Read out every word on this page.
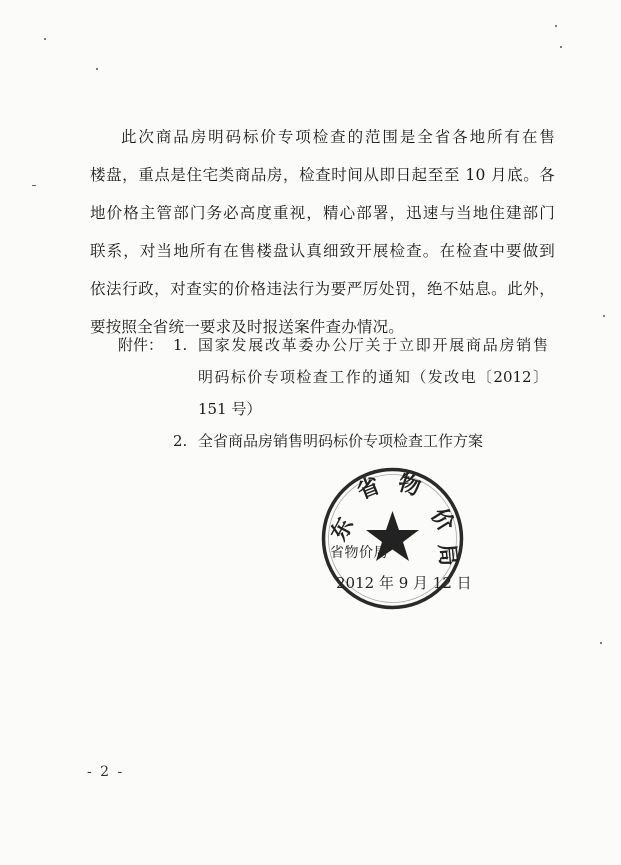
此次商品房明码标价专项检查的范围是全省各地所有在售
楼盘，重点是住宅类商品房，检查时间从即日起至至 10 月底。各
地价格主管部门务必高度重视，精心部署，迅速与当地住建部门
联系，对当地所有在售楼盘认真细致开展检查。在检查中要做到
依法行政，对查实的价格违法行为要严厉处罚，绝不姑息。此外，
要按照全省统一要求及时报送案件查办情况。
附件： 1. 国家发展改革委办公厅关于立即开展商品房销售
明码标价专项检查工作的通知（发改电〔2012〕
151 号）
2. 全省商品房销售明码标价专项检查工作方案
东
省 物
价
局
省物价局
2012 年 9 月 12 日
- 2 -
